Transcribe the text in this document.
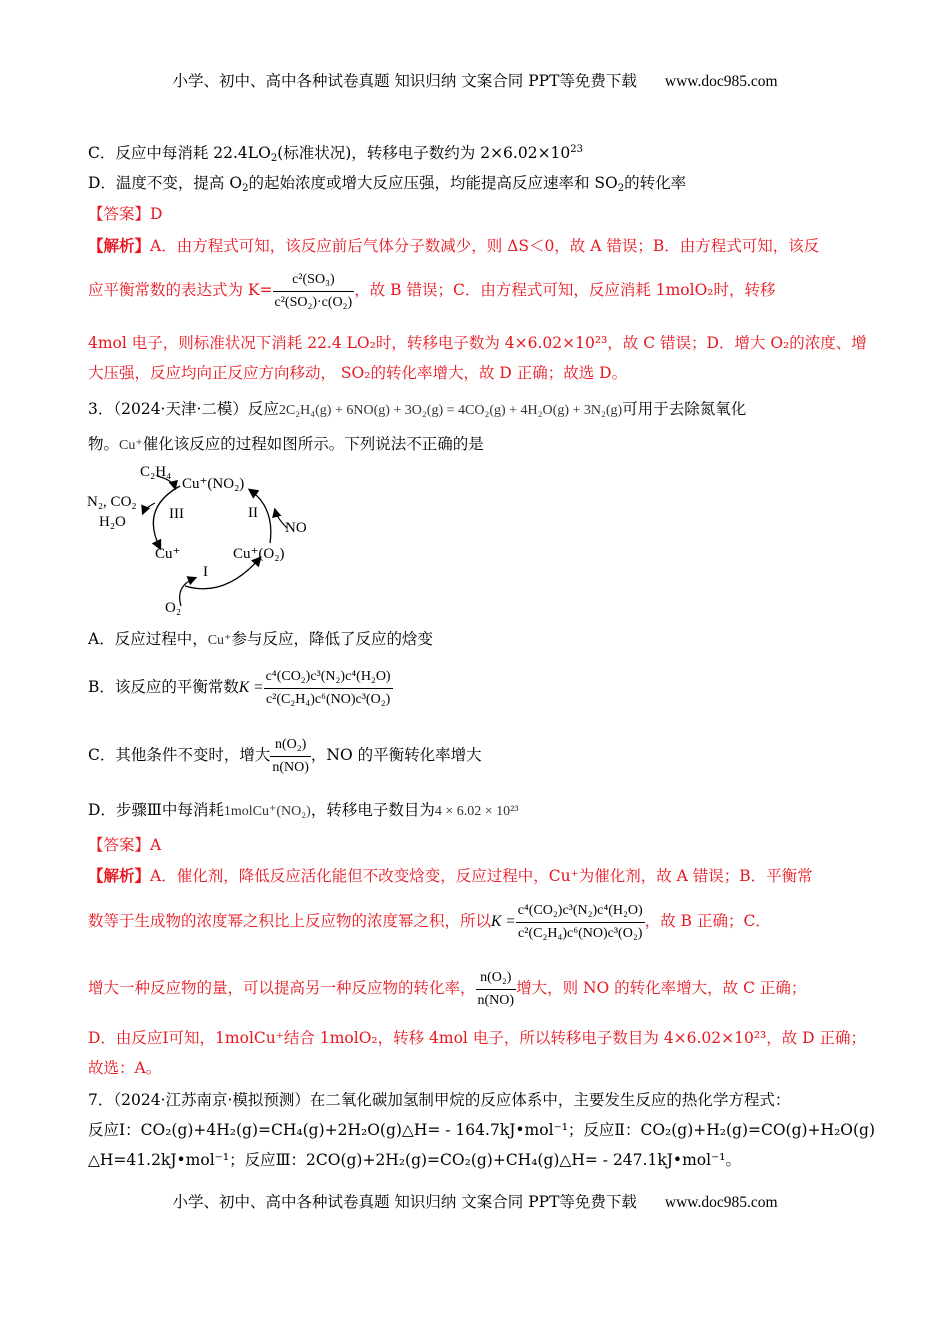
小学、初中、高中各种试卷真题 知识归纳 文案合同 PPT等免费下载 www.doc985.com
C．反应中每消耗 $22.4LO_2$(标准状况)，转移电子数约为 $2\times 6.02\times 10^{23}$
D．温度不变，提高 $O_2$的起始浓度或增大反应压强，均能提高反应速率和 $SO_2$的转化率
【答案】D
【解析】A．由方程式可知，该反应前后气体分子数减少，则 ΔS＜0，故 A 错误；B．由方程式可知，该反
应平衡常数的表达式为 $K= \frac{\text{c²(SO₃)}}{\text{c²(SO₂)·c(O₂)}}$ ，故 B 错误；C．由方程式可知，反应消耗 1molO₂时，转移
4mol 电子，则标准状况下消耗 22.4 LO₂时，转移电子数为 4×6.02×10²³，故 C 错误；D．增大 O₂的浓度、增
大压强，反应均向正反应方向移动， SO₂的转化率增大，故 D 正确；故选 D。
3．（2024·天津·二模）反应2C₂H₄(g) + 6NO(g) + 3O₂(g) = 4CO₂(g) + 4H₂O(g) + 3N₂(g)可用于去除氮氧化
物。Cu⁺催化该反应的过程如图所示。下列说法不正确的是
C₂H₄
Cu⁺(NO₂)
Cu⁺(O₂)
Cu⁺
N₂, CO₂
H₂O	NO
O₂
I
II
III
A．反应过程中，Cu⁺参与反应，降低了反应的焓变
B．该反应的平衡常数$K = \frac{\text{c⁴(CO₂)c³(N₂)c⁴(H₂O)}}{\text{c²(C₂H₄)c⁶(NO)c³(O₂)}}$
C．其他条件不变时，增大 $\frac{\text{n(O₂)}}{n(NO)}$ ，NO 的平衡转化率增大
D．步骤Ⅲ中每消耗1molCu⁺(NO₂)，转移电子数目为4 × 6.02 × 10²³
【答案】A
【解析】A．催化剂，降低反应活化能但不改变焓变，反应过程中，Cu⁺为催化剂，故 A 错误；B．平衡常
数等于生成物的浓度幂之积比上反应物的浓度幂之积，所以$K = \frac{\text{c⁴(CO₂)c³(N₂)c⁴(H₂O)}}{\text{c²(C₂H₄)c⁶(NO)c³(O₂)}}$ ，故 B 正确；C．
增大一种反应物的量，可以提高另一种反应物的转化率， $\frac{\text{n(O₂)}}{n(NO)}$ 增大，则 NO 的转化率增大，故 C 正确；
D．由反应Ⅰ可知，1molCu⁺结合 1molO₂，转移 4mol 电子，所以转移电子数目为 4×6.02×10²³，故 D 正确；
故选：A。
7．（2024·江苏南京·模拟预测）在二氧化碳加氢制甲烷的反应体系中，主要发生反应的热化学方程式：
反应Ⅰ：CO₂(g)+4H₂(g)=CH₄(g)+2H₂O(g)△H= - 164.7kJ•mol⁻¹；反应Ⅱ：CO₂(g)+H₂(g)=CO(g)+H₂O(g)
△H=41.2kJ•mol⁻¹；反应Ⅲ：2CO(g)+2H₂(g)=CO₂(g)+CH₄(g)△H= - 247.1kJ•mol⁻¹。
小学、初中、高中各种试卷真题 知识归纳 文案合同 PPT等免费下载 www.doc985.com
